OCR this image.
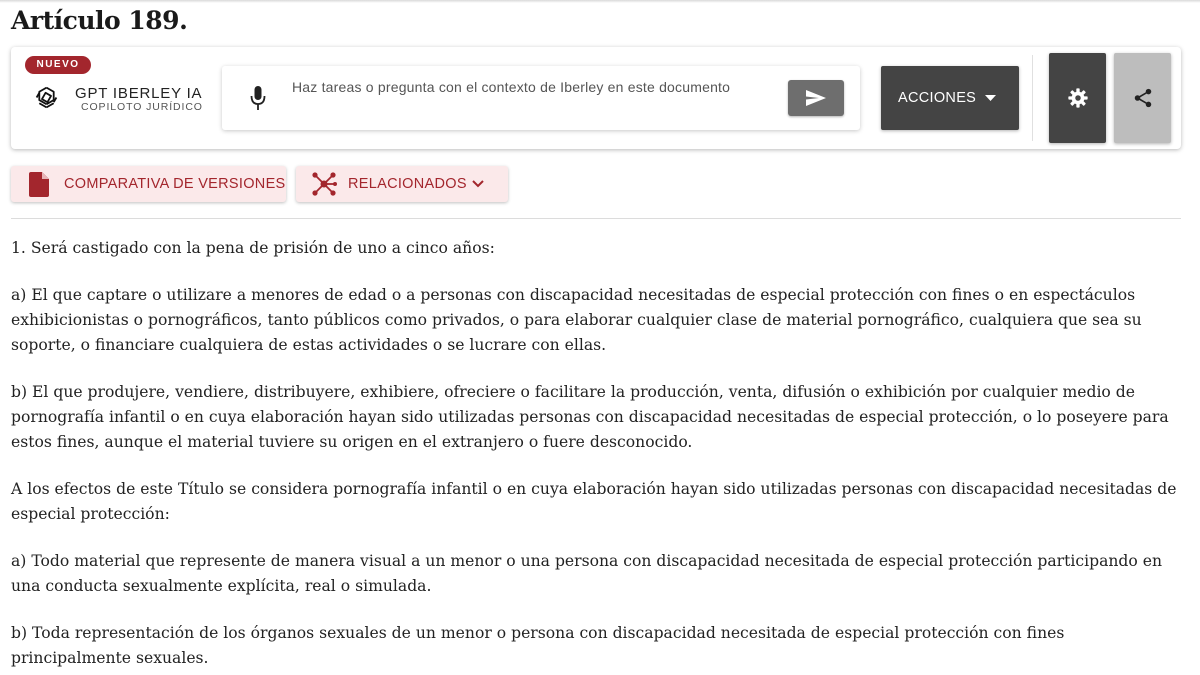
Artículo 189.
NUEVO
GPT IBERLEY IA
COPILOTO JURÍDICO
Haz tareas o pregunta con el contexto de Iberley en este documento
ACCIONES
COMPARATIVA DE VERSIONES	RELACIONADOS

1. Será castigado con la pena de prisión de uno a cinco años:

a) El que captare o utilizare a menores de edad o a personas con discapacidad necesitadas de especial protección con fines o en espectáculos exhibicionistas o pornográficos, tanto públicos como privados, o para elaborar cualquier clase de material pornográfico, cualquiera que sea su soporte, o financiare cualquiera de estas actividades o se lucrare con ellas.

b) El que produjere, vendiere, distribuyere, exhibiere, ofreciere o facilitare la producción, venta, difusión o exhibición por cualquier medio de pornografía infantil o en cuya elaboración hayan sido utilizadas personas con discapacidad necesitadas de especial protección, o lo poseyere para estos fines, aunque el material tuviere su origen en el extranjero o fuere desconocido.

A los efectos de este Título se considera pornografía infantil o en cuya elaboración hayan sido utilizadas personas con discapacidad necesitadas de especial protección:

a) Todo material que represente de manera visual a un menor o una persona con discapacidad necesitada de especial protección participando en una conducta sexualmente explícita, real o simulada.

b) Toda representación de los órganos sexuales de un menor o persona con discapacidad necesitada de especial protección con fines principalmente sexuales.
